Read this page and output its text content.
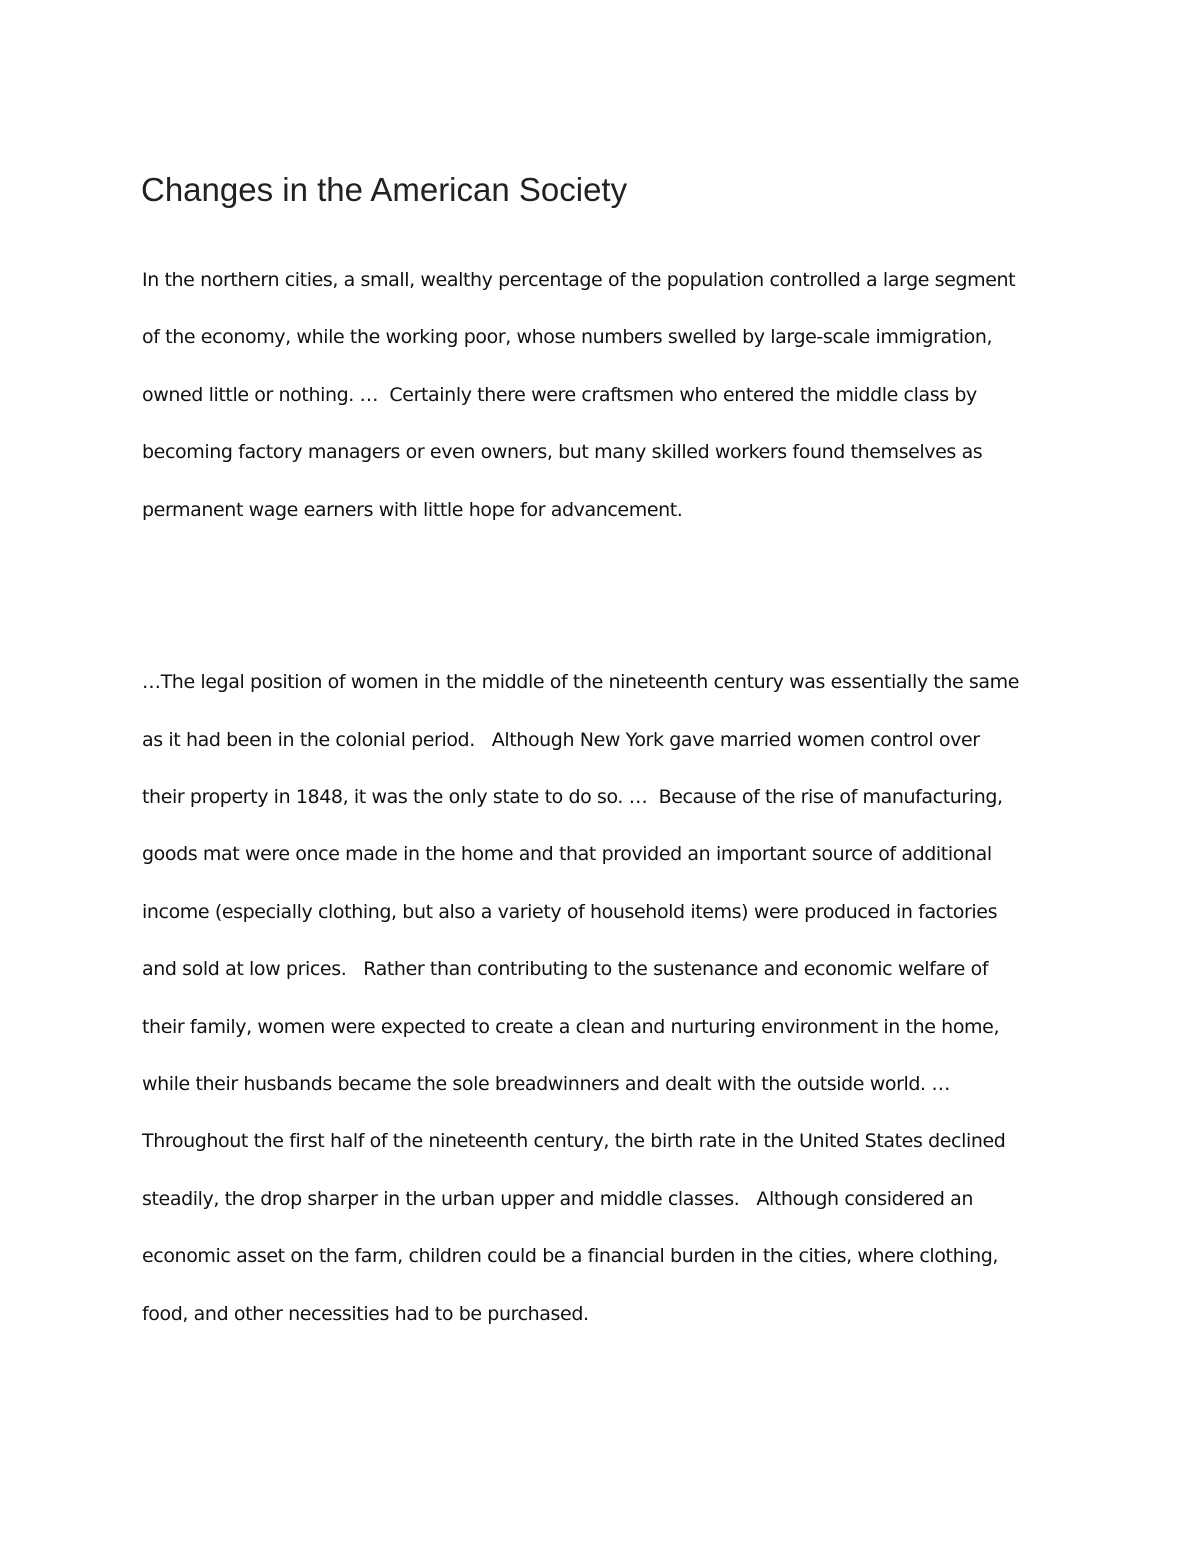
Changes in the American Society

In the northern cities, a small, wealthy percentage of the population controlled a large segment

of the economy, while the working poor, whose numbers swelled by large-scale immigration,

owned little or nothing. …  Certainly there were craftsmen who entered the middle class by

becoming factory managers or even owners, but many skilled workers found themselves as

permanent wage earners with little hope for advancement.

…The legal position of women in the middle of the nineteenth century was essentially the same

as it had been in the colonial period.   Although New York gave married women control over

their property in 1848, it was the only state to do so. …  Because of the rise of manufacturing,

goods mat were once made in the home and that provided an important source of additional

income (especially clothing, but also a variety of household items) were produced in factories

and sold at low prices.   Rather than contributing to the sustenance and economic welfare of

their family, women were expected to create a clean and nurturing environment in the home,

while their husbands became the sole breadwinners and dealt with the outside world. …

Throughout the first half of the nineteenth century, the birth rate in the United States declined

steadily, the drop sharper in the urban upper and middle classes.   Although considered an

economic asset on the farm, children could be a financial burden in the cities, where clothing,

food, and other necessities had to be purchased.
